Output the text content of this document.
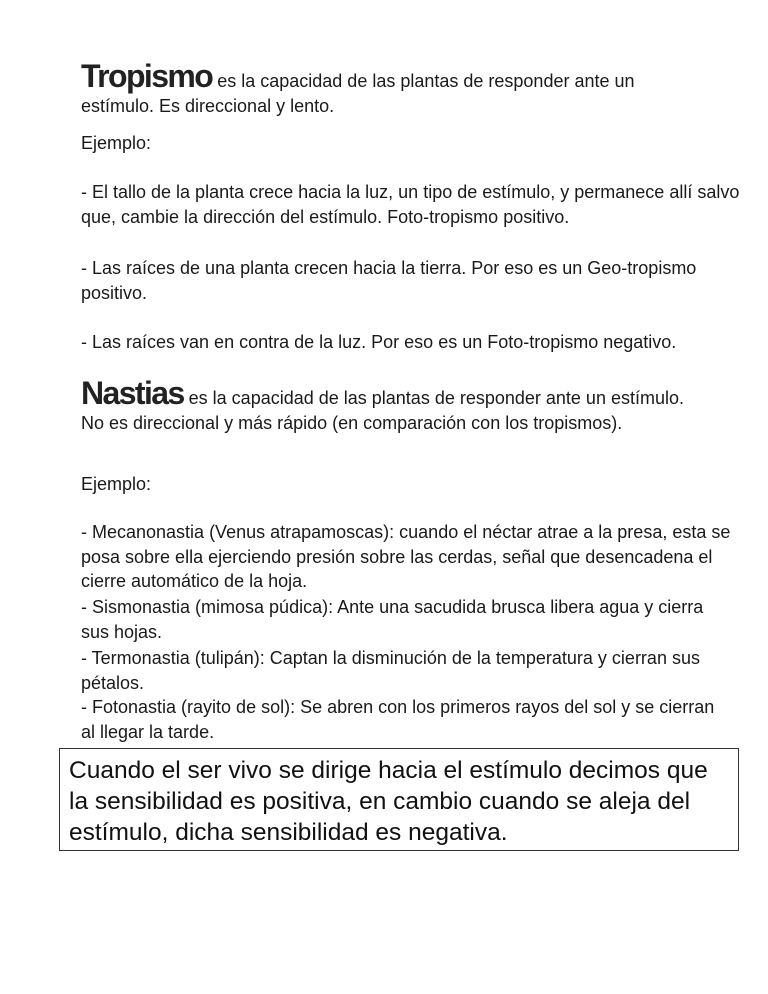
Tropismo es la capacidad de las plantas de responder ante un
estímulo. Es direccional y lento.
Ejemplo:
- El tallo de la planta crece hacia la luz, un tipo de estímulo, y permanece allí salvo que, cambie la dirección del estímulo. Foto-tropismo positivo.
- Las raíces de una planta crecen hacia la tierra. Por eso es un Geo-tropismo positivo.
- Las raíces van en contra de la luz. Por eso es un Foto-tropismo negativo.
Nastias es la capacidad de las plantas de responder ante un estímulo.
No es direccional y más rápido (en comparación con los tropismos).
Ejemplo:
- Mecanonastia (Venus atrapamoscas): cuando el néctar atrae a la presa, esta se posa sobre ella ejerciendo presión sobre las cerdas, señal que desencadena el cierre automático de la hoja.
- Sismonastia (mimosa púdica): Ante una sacudida brusca libera agua y cierra sus hojas.
- Termonastia (tulipán): Captan la disminución de la temperatura y cierran sus pétalos.
- Fotonastia (rayito de sol): Se abren con los primeros rayos del sol y se cierran al llegar la tarde.
Cuando el ser vivo se dirige hacia el estímulo decimos que la sensibilidad es positiva, en cambio cuando se aleja del estímulo, dicha sensibilidad es negativa.
